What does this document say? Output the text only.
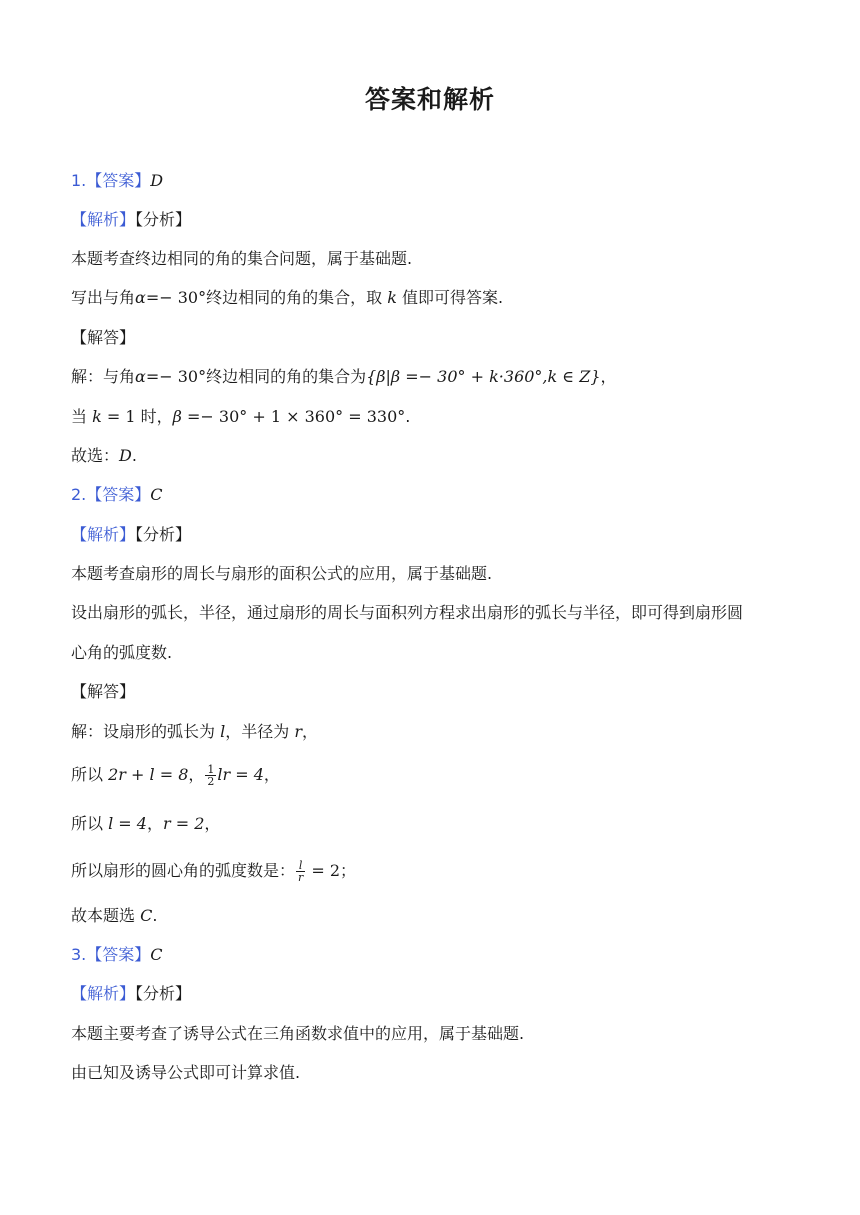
答案和解析
1.【答案】D
【解析】【分析】
本题考查终边相同的角的集合问题，属于基础题.
写出与角α=− 30°终边相同的角的集合，取 k 值即可得答案.
【解答】
解：与角α=− 30°终边相同的角的集合为{β|β =− 30° + k·360°,k ∈ Z}，
当 k = 1 时，β =− 30° + 1 × 360° = 330°.
故选：D.
2.【答案】C
【解析】【分析】
本题考查扇形的周长与扇形的面积公式的应用，属于基础题.
设出扇形的弧长，半径，通过扇形的周长与面积列方程求出扇形的弧长与半径，即可得到扇形圆
心角的弧度数.
【解答】
解：设扇形的弧长为 l，半径为 r，
所以 2r + l = 8， $\frac{1}{2}$ lr = 4，
所以 l = 4，r = 2，
所以扇形的圆心角的弧度数是： $\frac{l}{r} = 2$；
故本题选 C.
3.【答案】C
【解析】【分析】
本题主要考查了诱导公式在三角函数求值中的应用，属于基础题.
由已知及诱导公式即可计算求值.
